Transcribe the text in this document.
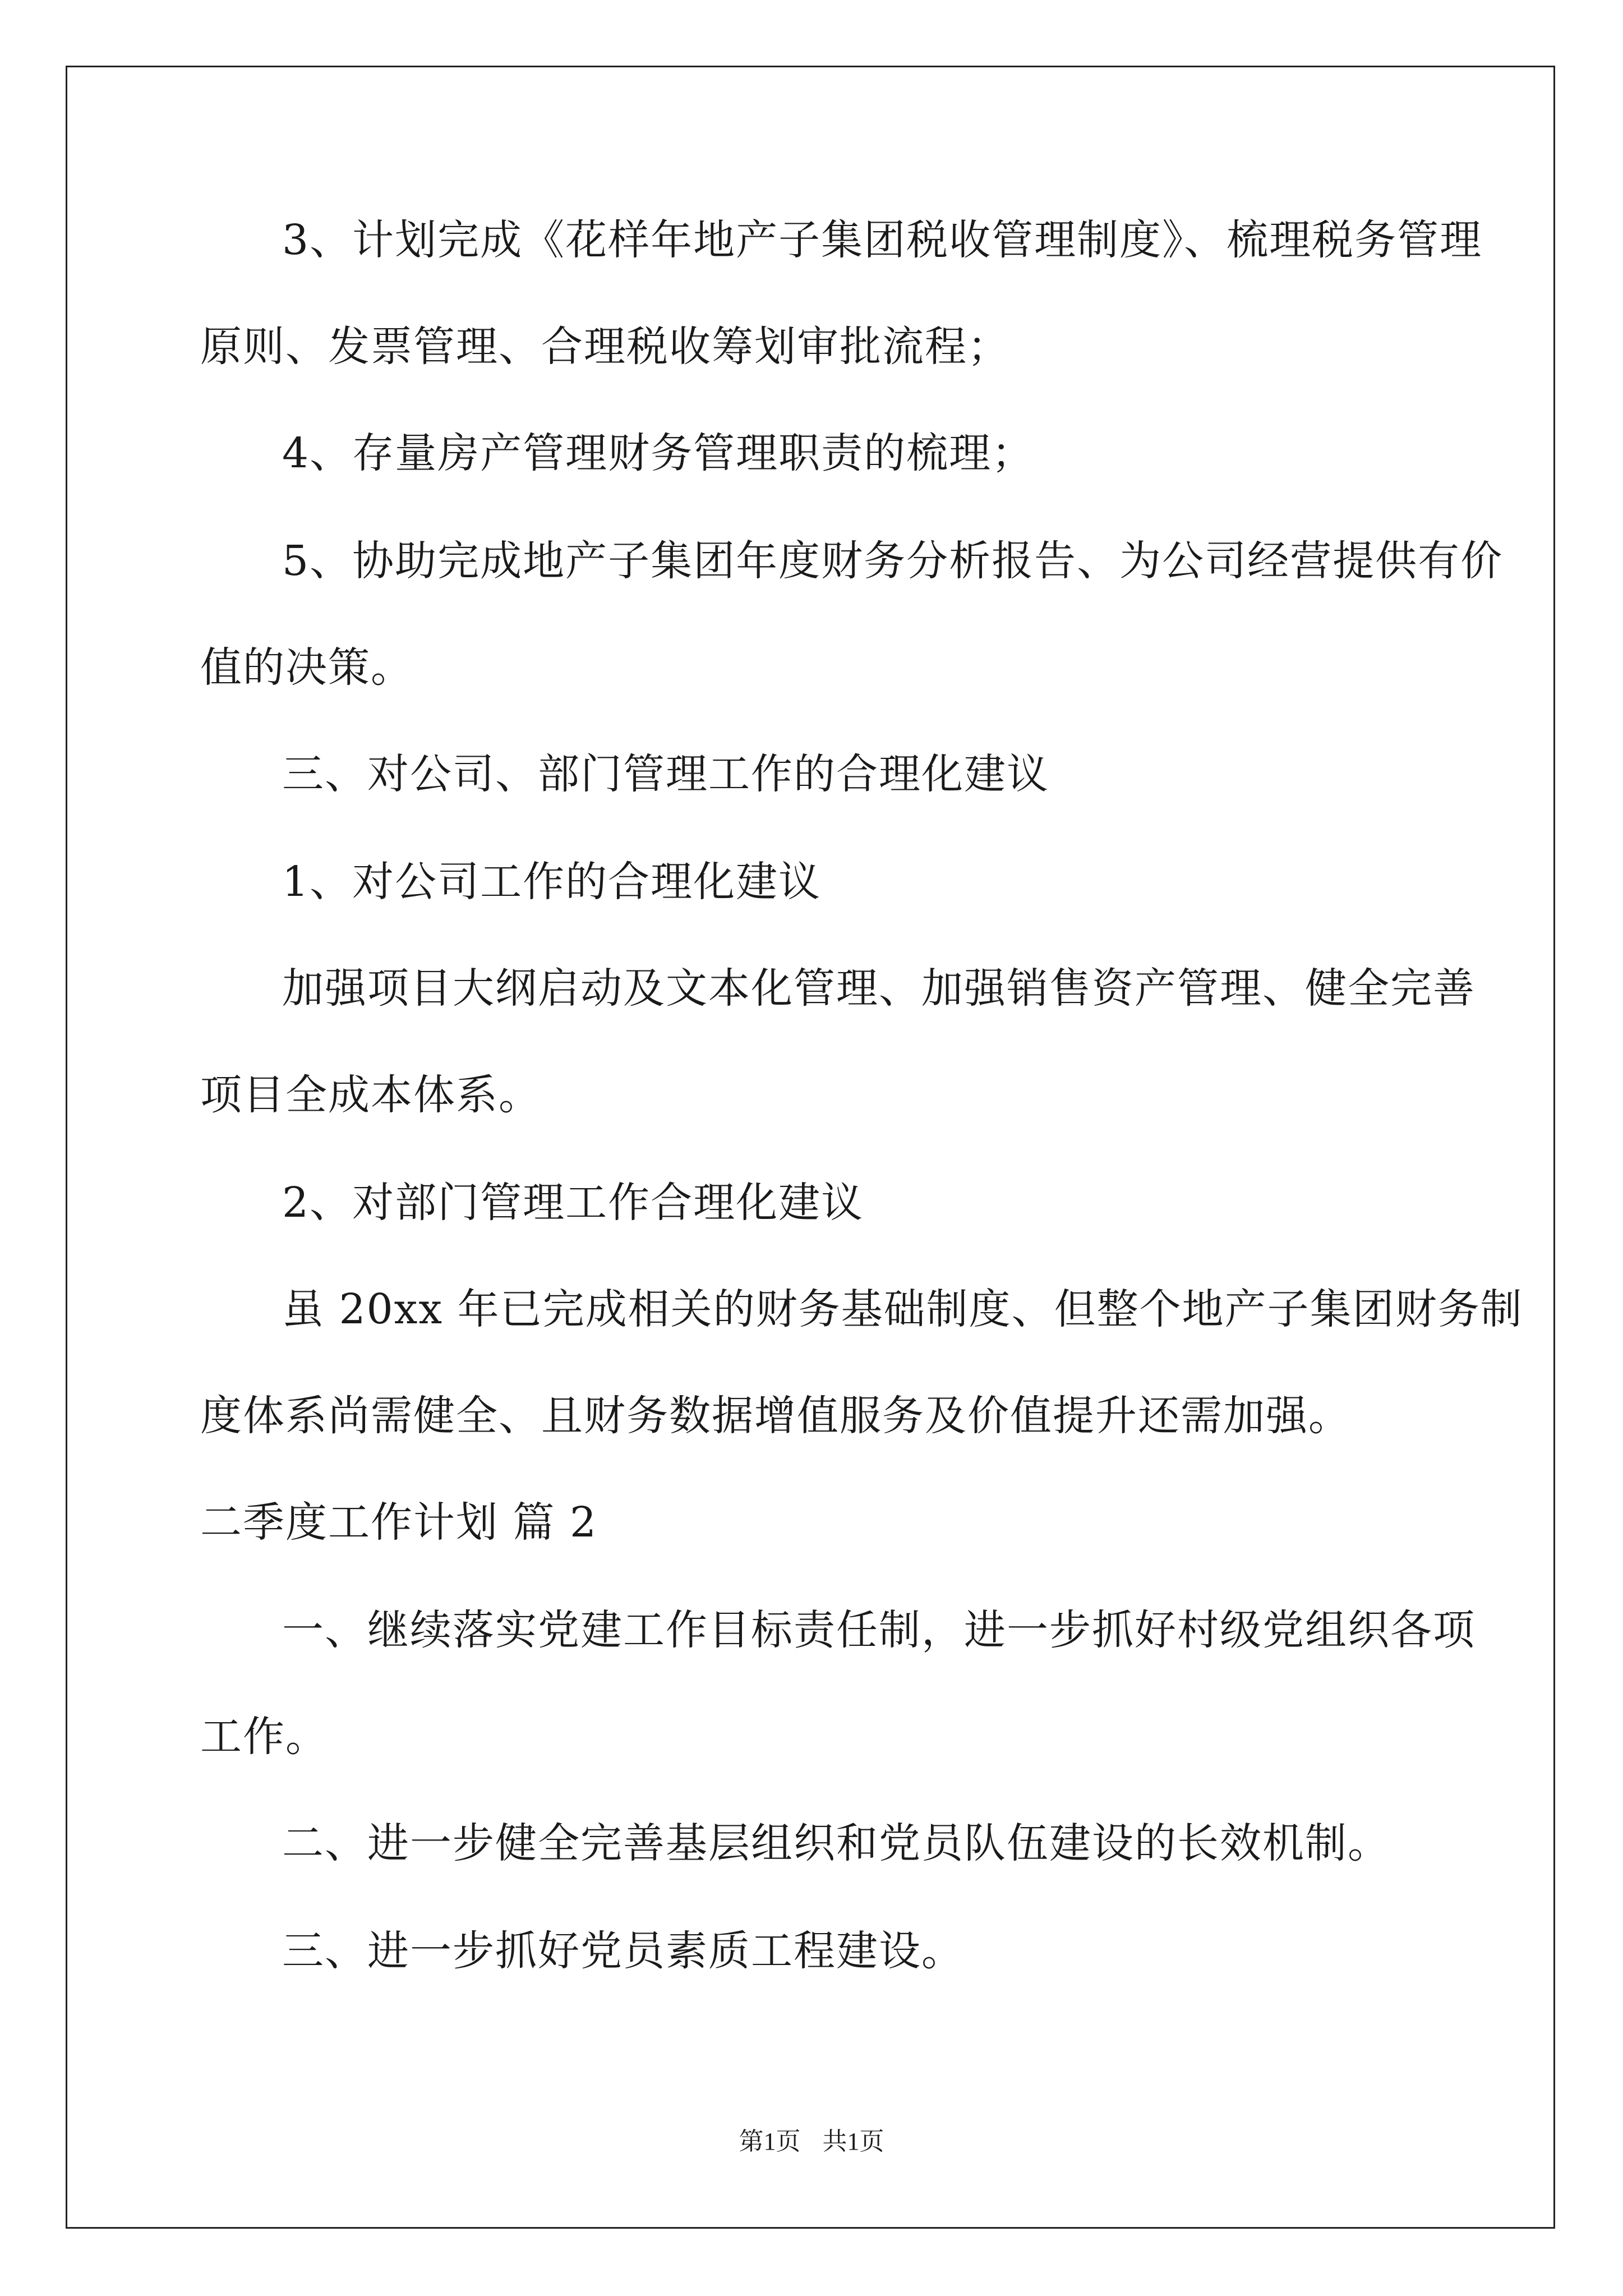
3、计划完成《花样年地产子集团税收管理制度》、梳理税务管理
原则、发票管理、合理税收筹划审批流程；
4、存量房产管理财务管理职责的梳理；
5、协助完成地产子集团年度财务分析报告、为公司经营提供有价
值的决策。
三、对公司、部门管理工作的合理化建议
1、对公司工作的合理化建议
加强项目大纲启动及文本化管理、加强销售资产管理、健全完善
项目全成本体系。
2、对部门管理工作合理化建议
虽 20xx 年已完成相关的财务基础制度、但整个地产子集团财务制
度体系尚需健全、且财务数据增值服务及价值提升还需加强。
二季度工作计划 篇 2
一、继续落实党建工作目标责任制，进一步抓好村级党组织各项
工作。
二、进一步健全完善基层组织和党员队伍建设的长效机制。
三、进一步抓好党员素质工程建设。
第1页 共1页
